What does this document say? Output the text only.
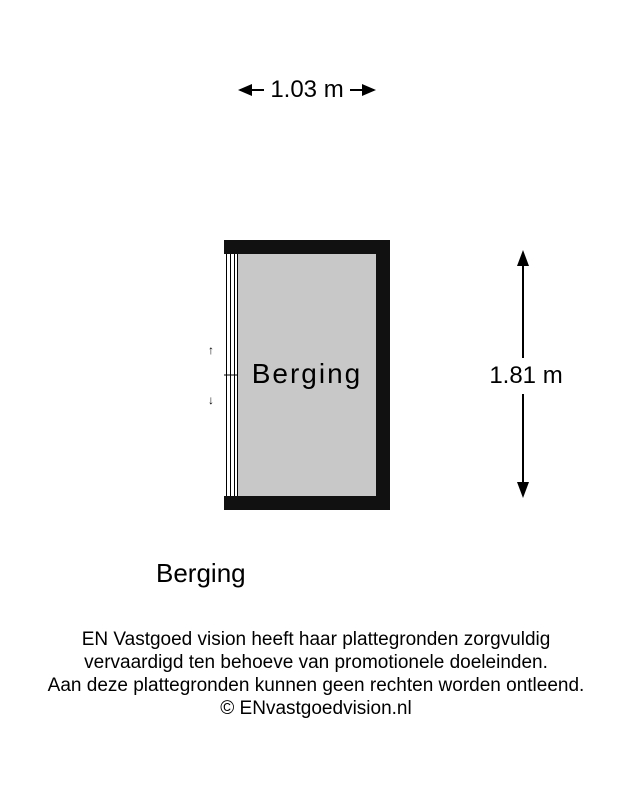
1.03 m
Berging
↑
↓
1.81 m
Berging
EN Vastgoed vision heeft haar plattegronden zorgvuldig
vervaardigd ten behoeve van promotionele doeleinden.
Aan deze plattegronden kunnen geen rechten worden ontleend.
© ENvastgoedvision.nl
